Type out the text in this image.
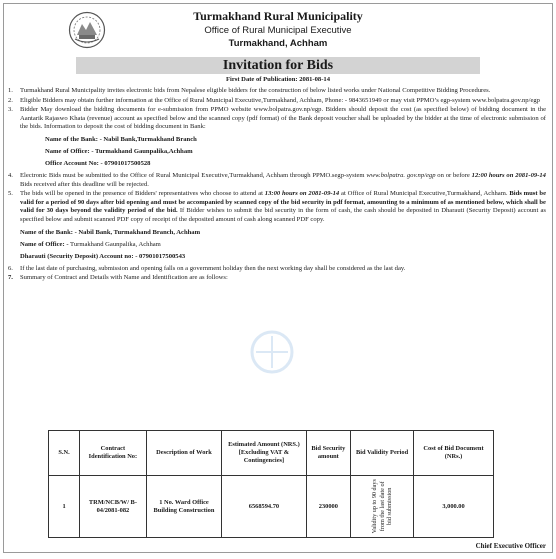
Turmakhand Rural Municipality
Office of Rural Municipal Executive
Turmakhand, Achham
Invitation for Bids
First Date of Publication: 2081-08-14
1. Turmakhand Rural Municipality invites electronic bids from Nepalese eligible bidders for the construction of below listed works under National Competitive Bidding Procedures.
2. Eligible Bidders may obtain further information at the Office of Rural Municipal Executive,Turmakhand, Achham, Phone: - 9843651949 or may visit PPMO’s egp-system www.bolpatra.gov.np/egp
3. Bidder May download the bidding documents for e-submission from PPMO website www.bolpatra.gov.np/egp. Bidders should deposit the cost (as specified below) of bidding document in the Aantarik Rajaswo Khata (revenue) account as specified below and the scanned copy (pdf format) of the Bank deposit voucher shall be uploaded by the bidder at the time of electronic submission of the bids. Information to deposit the cost of bidding document in Bank:
Name of the Bank: - Nabil Bank,Turmakhand Branch
Name of Office: - Turmakhand Gaunpalika,Achham
Office Account No: - 07901017500528
4. Electronic Bids must be submitted to the Office of Rural Municipal Executive,Turmakhand, Achham through PPMO.segp-system www.bolpatra. gov.np/egp on or before 12:00 hours on 2081-09-14 Bids received after this deadline will be rejected.
5. The bids will be opened in the presence of Bidders' representatives who choose to attend at 13:00 hours on 2081-09-14 at Office of Rural Municipal Executive,Turmakhand, Achham. Bids must be valid for a period of 90 days after bid opening and must be accompanied by scanned copy of the bid security in pdf format, amounting to a minimum of as mentioned below, which shall be valid for 30 days beyond the validity period of the bid. If Bidder wishes to submit the bid security in the form of cash, the cash should be deposited in Dharauti (Security Deposit) account as specified below and submit scanned PDF copy of receipt of the deposited amount of cash along scanned PDF copy.
Name of the Bank: - Nabil Bank, Turmakhand Branch, Achham
Name of Office: - Turmakhand Gaunpalika, Achham
Dharauti (Security Deposit) Account no: - 07901017500543
6. If the last date of purchasing, submission and opening falls on a government holiday then the next working day shall be considered as the last day.
7. Summary of Contract and Details with Name and Identification are as follows:
S.N.	Contract Identification No:	Description of Work	Estimated Amount (NRS.) [Excluding VAT & Contingencies]	Bid Security amount	Bid Validity Period	Cost of Bid Document (NRs.)
1	TRM/NCB/W/ B-04/2081-082	1 No. Ward Office Building Construction	6568594.70	230000	Validity up to 90 days from the last date of bid submission	3,000.00
Chief Executive Officer
